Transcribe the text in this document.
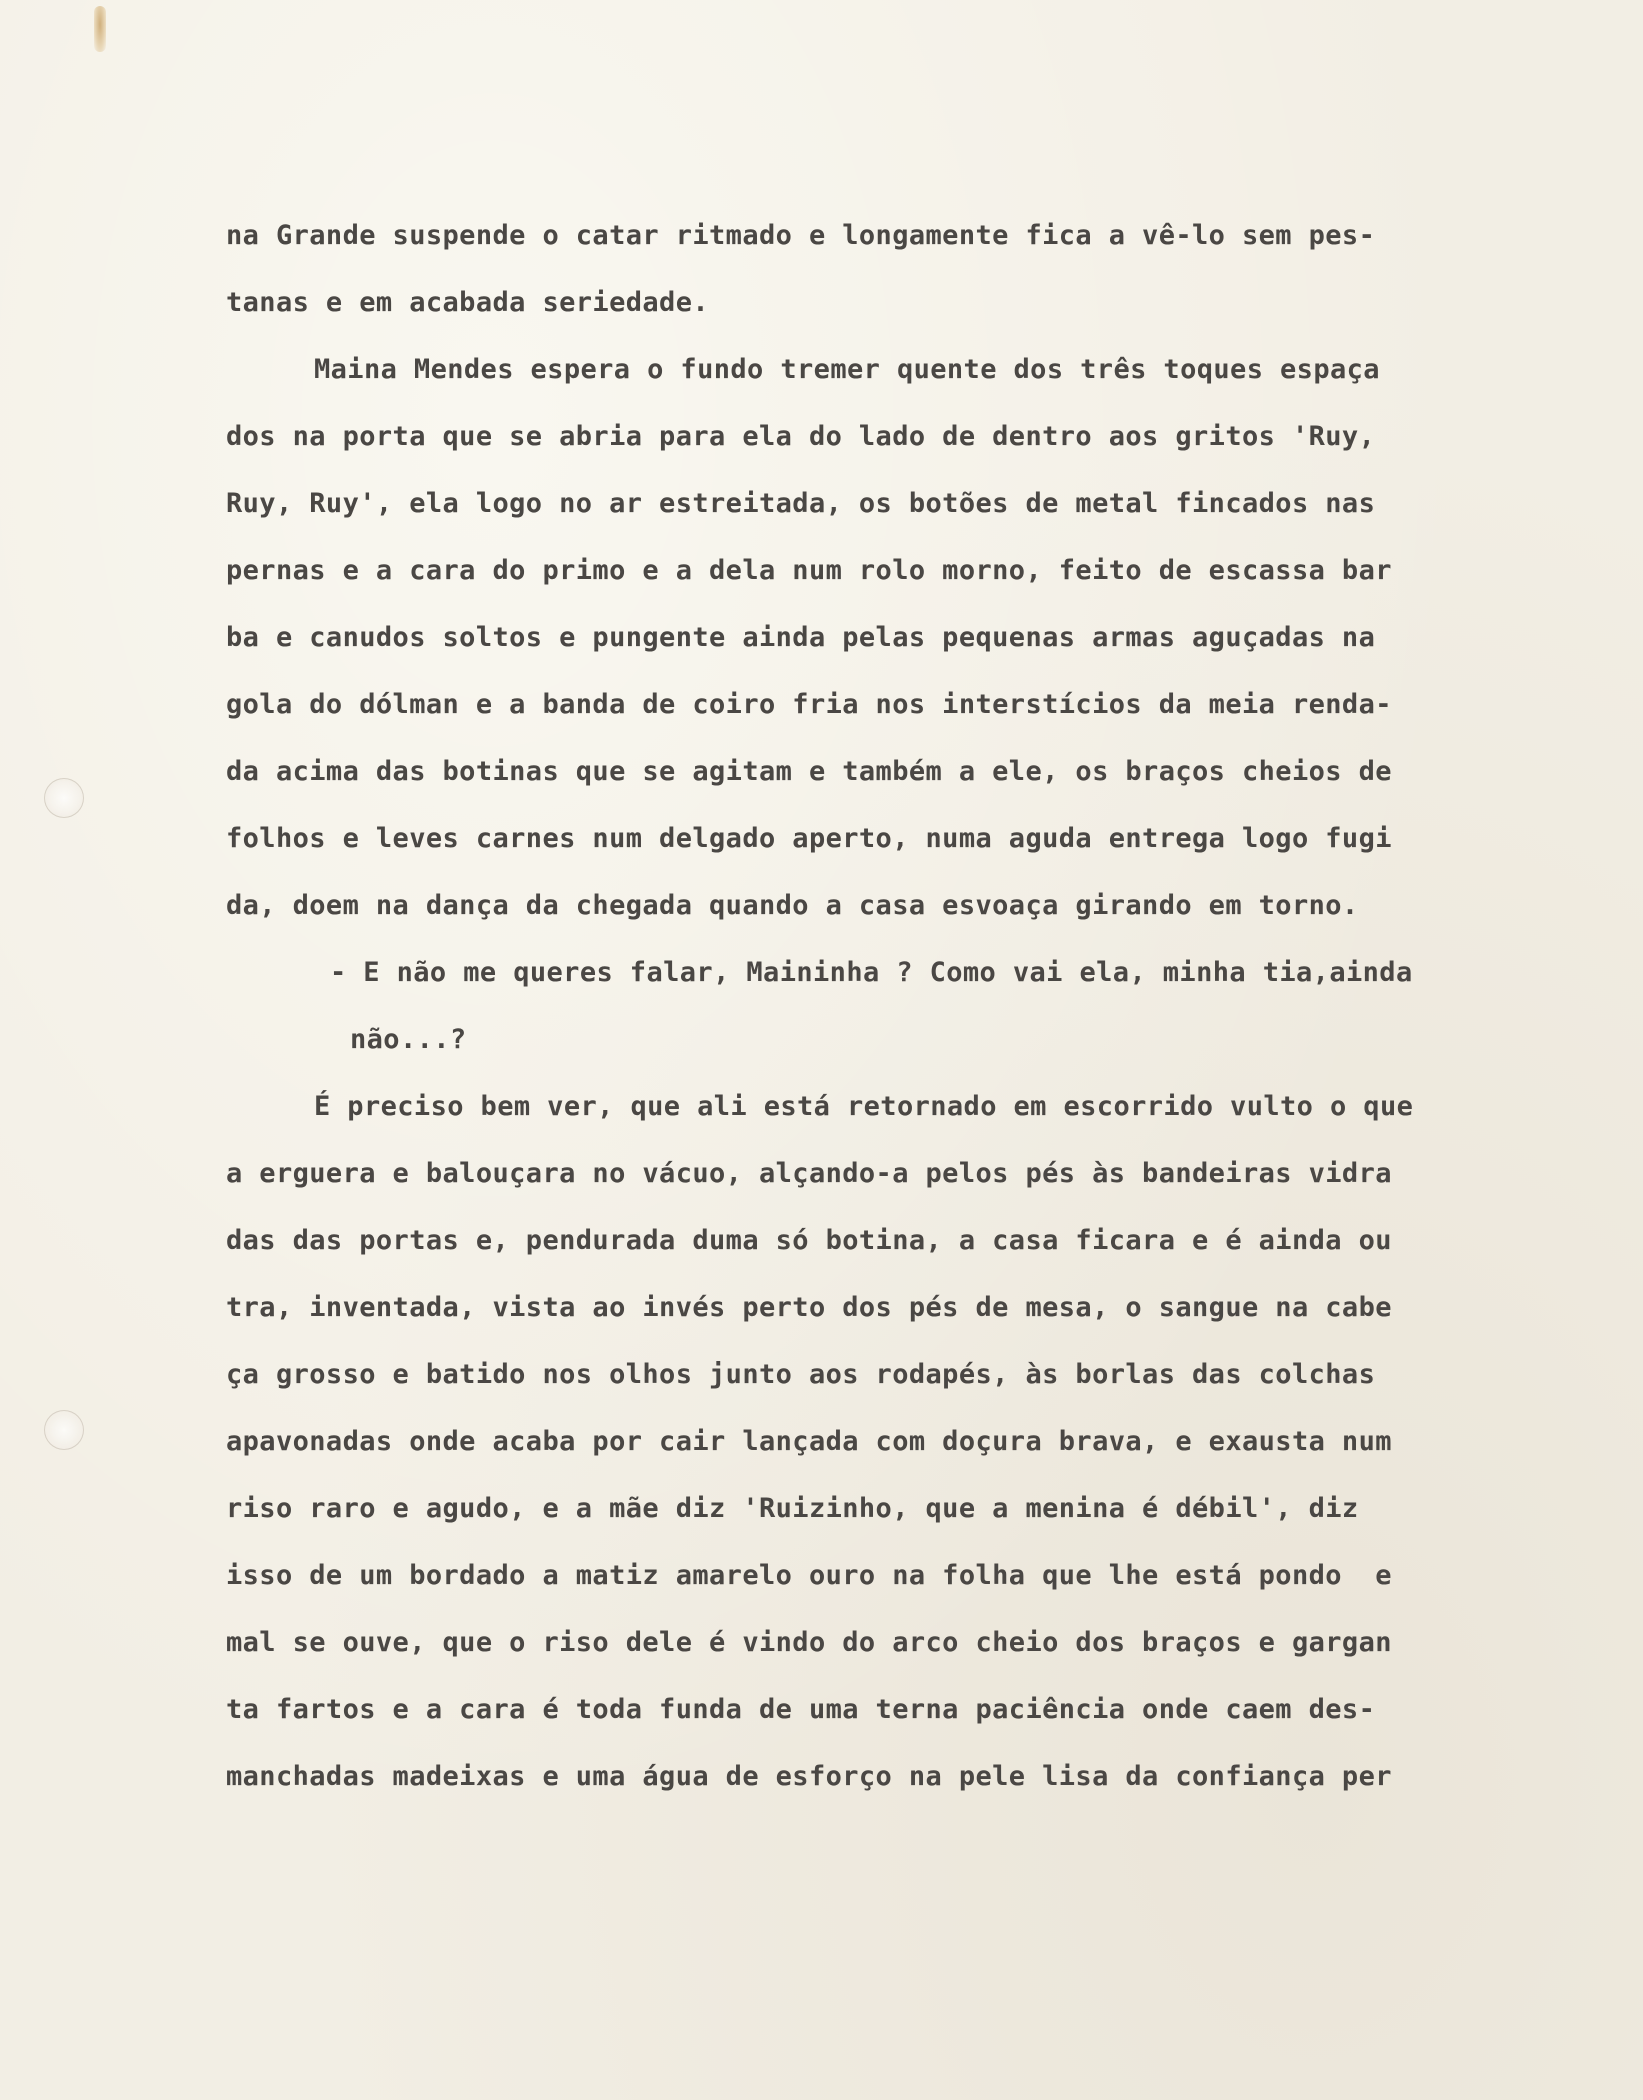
na Grande suspende o catar ritmado e longamente fica a vê-lo sem pes-
tanas e em acabada seriedade.
Maina Mendes espera o fundo tremer quente dos três toques espaça
dos na porta que se abria para ela do lado de dentro aos gritos 'Ruy,
Ruy, Ruy', ela logo no ar estreitada, os botões de metal fincados nas
pernas e a cara do primo e a dela num rolo morno, feito de escassa bar
ba e canudos soltos e pungente ainda pelas pequenas armas aguçadas na
gola do dólman e a banda de coiro fria nos interstícios da meia renda-
da acima das botinas que se agitam e também a ele, os braços cheios de
folhos e leves carnes num delgado aperto, numa aguda entrega logo fugi
da, doem na dança da chegada quando a casa esvoaça girando em torno.
- E não me queres falar, Maininha ? Como vai ela, minha tia,ainda
não...?
É preciso bem ver, que ali está retornado em escorrido vulto o que
a erguera e balouçara no vácuo, alçando-a pelos pés às bandeiras vidra
das das portas e, pendurada duma só botina, a casa ficara e é ainda ou
tra, inventada, vista ao invés perto dos pés de mesa, o sangue na cabe
ça grosso e batido nos olhos junto aos rodapés, às borlas das colchas
apavonadas onde acaba por cair lançada com doçura brava, e exausta num
riso raro e agudo, e a mãe diz 'Ruizinho, que a menina é débil', diz
isso de um bordado a matiz amarelo ouro na folha que lhe está pondo  e
mal se ouve, que o riso dele é vindo do arco cheio dos braços e gargan
ta fartos e a cara é toda funda de uma terna paciência onde caem des-
manchadas madeixas e uma água de esforço na pele lisa da confiança per
